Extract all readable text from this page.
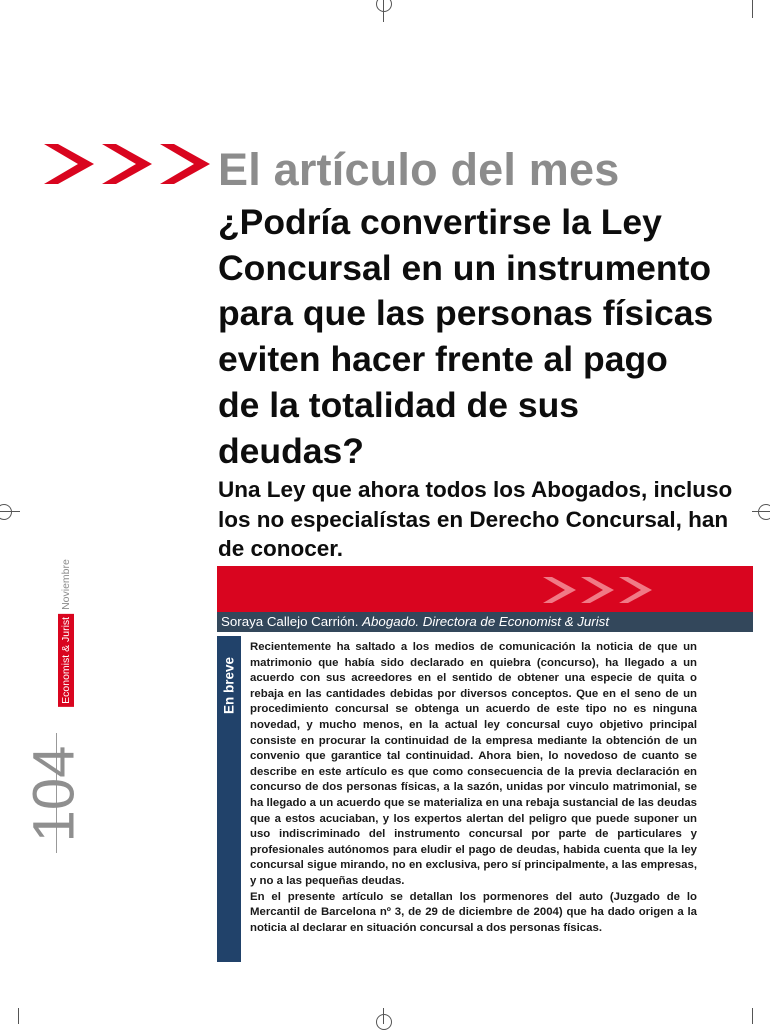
El artículo del mes
¿Podría convertirse la Ley Concursal en un instrumento para que las personas físicas eviten hacer frente al pago de la totalidad de sus deudas?
Una Ley que ahora todos los Abogados, incluso los no especialístas en Derecho Concursal, han de conocer.
Soraya Callejo Carrión. Abogado. Directora de Economist & Jurist
En breve

Recientemente ha saltado a los medios de comunicación la noticia de que un matrimonio que había sido declarado en quiebra (concurso), ha llegado a un acuerdo con sus acreedores en el sentido de obtener una especie de quita o rebaja en las cantidades debidas por diversos conceptos. Que en el seno de un procedimiento concursal se obtenga un acuerdo de este tipo no es ninguna novedad, y mucho menos, en la actual ley concursal cuyo objetivo principal consiste en procurar la continuidad de la empresa mediante la obtención de un convenio que garantice tal continuidad. Ahora bien, lo novedoso de cuanto se describe en este artículo es que como consecuencia de la previa declaración en concurso de dos personas físicas, a la sazón, unidas por vinculo matrimonial, se ha llegado a un acuerdo que se materializa en una rebaja sustancial de las deudas que a estos acuciaban, y los expertos alertan del peligro que puede suponer un uso indiscriminado del instrumento concursal por parte de particulares y profesionales autónomos para eludir el pago de deudas, habida cuenta que la ley concursal sigue mirando, no en exclusiva, pero sí principalmente, a las empresas, y no a las pequeñas deudas.

En el presente artículo se detallan los pormenores del auto (Juzgado de lo Mercantil de Barcelona nº 3, de 29 de diciembre de 2004) que ha dado origen a la noticia al declarar en situación concursal a dos personas físicas.

Economist & Jurist
Noviembre
104
